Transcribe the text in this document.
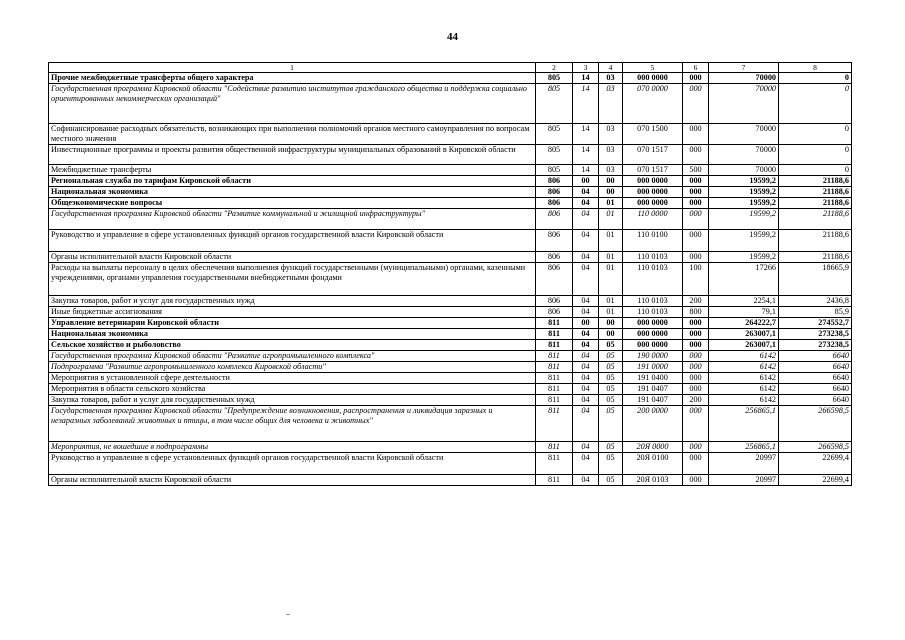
44
1	2	3	4	5	6	7	8
Прочие межбюджетные трансферты общего характера	805	14	03	000 0000	000	70000	0
Государственная программа Кировской области "Содействие развитию институтов гражданского общества и поддержка социально ориентированных некоммерческих организаций"	805	14	03	070 0000	000	70000	0
Софинансирование расходных обязательств, возникающих при выполнении полномочий органов местного самоуправления по вопросам местного значения	805	14	03	070 1500	000	70000	0
Инвестиционные программы и проекты развития общественной инфраструктуры муниципальных образований в Кировской области	805	14	03	070 1517	000	70000	0
Межбюджетные трансферты	805	14	03	070 1517	500	70000	0
Региональная служба по тарифам Кировской области	806	00	00	000 0000	000	19599,2	21188,6
Национальная экономика	806	04	00	000 0000	000	19599,2	21188,6
Общеэкономические вопросы	806	04	01	000 0000	000	19599,2	21188,6
Государственная программа Кировской области "Развитие коммунальной и жилищной инфраструктуры"	806	04	01	110 0000	000	19599,2	21188,6
Руководство и управление в сфере установленных функций органов государственной власти Кировской области	806	04	01	110 0100	000	19599,2	21188,6
Органы исполнительной власти Кировской области	806	04	01	110 0103	000	19599,2	21188,6
Расходы на выплаты персоналу в целях обеспечения выполнения функций государственными (муниципальными) органами, казенными учреждениями, органами управления государственными внебюджетными фондами	806	04	01	110 0103	100	17266	18665,9
Закупка товаров, работ и услуг для государственных нужд	806	04	01	110 0103	200	2254,1	2436,8
Иные бюджетные ассигнования	806	04	01	110 0103	800	79,1	85,9
Управление ветеринарии Кировской области	811	00	00	000 0000	000	264222,7	274552,7
Национальная экономика	811	04	00	000 0000	000	263007,1	273238,5
Сельское хозяйство и рыболовство	811	04	05	000 0000	000	263007,1	273238,5
Государственная программа Кировской области "Развитие агропромышленного комплекса"	811	04	05	190 0000	000	6142	6640
Подпрограмма "Развитие агропромышленного комплекса Кировской области"	811	04	05	191 0000	000	6142	6640
Мероприятия в установленной сфере деятельности	811	04	05	191 0400	000	6142	6640
Мероприятия в области сельского хозяйства	811	04	05	191 0407	000	6142	6640
Закупка товаров, работ и услуг для государственных нужд	811	04	05	191 0407	200	6142	6640
Государственная программа Кировской области "Предупреждение возникновения, распространения и ликвидация заразных и незаразных заболеваний животных и птицы, в том числе общих для человека и животных"	811	04	05	200 0000	000	256865,1	266598,5
Мероприятия, не вошедшие в подпрограммы	811	04	05	20Я 0000	000	256865,1	266598,5
Руководство и управление в сфере установленных функций органов государственной власти Кировской области	811	04	05	20Я 0100	000	20997	22699,4
Органы исполнительной власти Кировской области	811	04	05	20Я 0103	000	20997	22699,4
